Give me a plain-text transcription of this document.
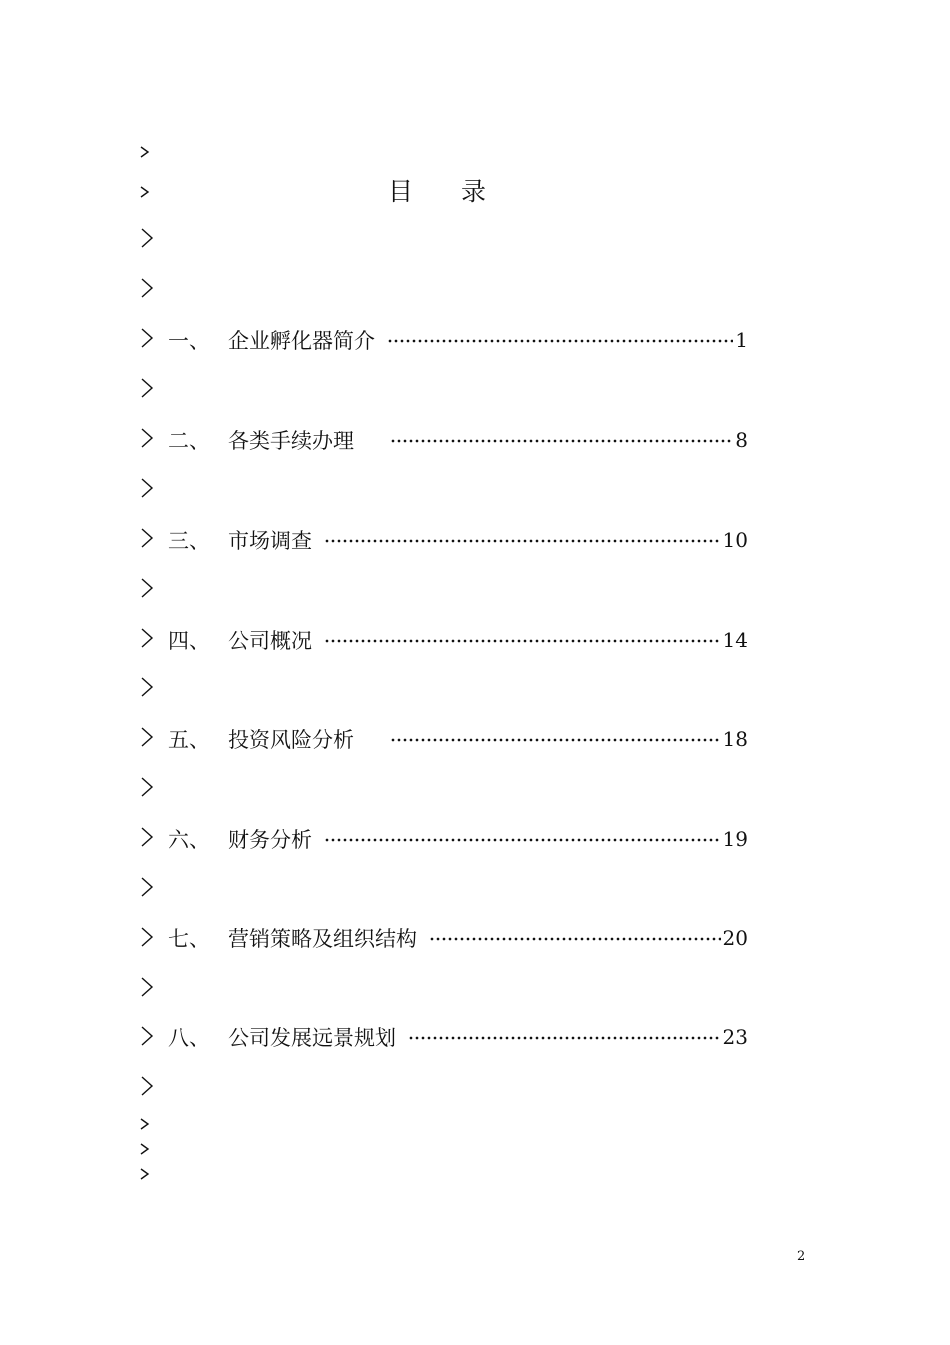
目 录
一、 企业孵化器简介	1
二、 各类手续办理	8
三、 市场调查	10
四、 公司概况	14
五、 投资风险分析	18
六、 财务分析	19
七、 营销策略及组织结构	20
八、 公司发展远景规划	23
2
